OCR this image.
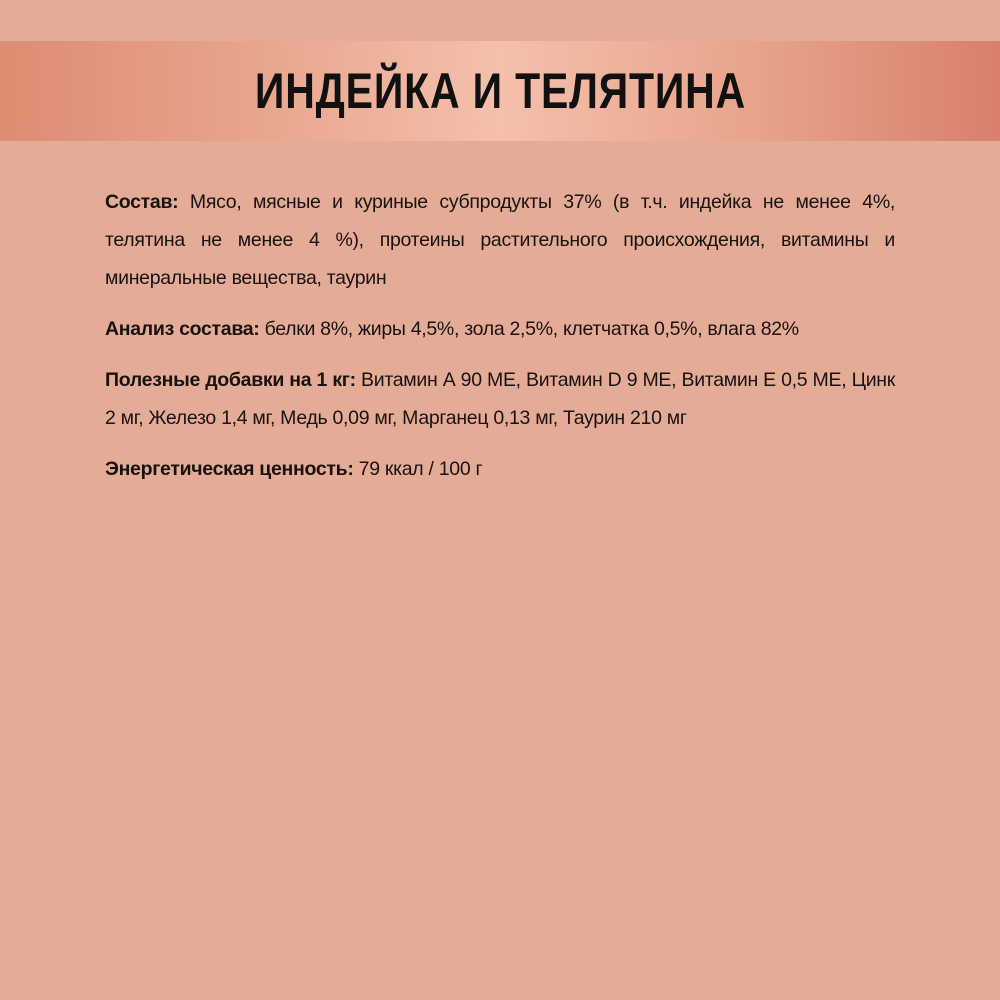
ИНДЕЙКА И ТЕЛЯТИНА

Состав: Мясо, мясные и куриные субпродукты 37% (в т.ч. индейка не менее 4%, телятина не менее 4 %), протеины растительного происхождения, витамины и минеральные вещества, таурин

Анализ состава: белки 8%, жиры 4,5%, зола 2,5%, клетчатка 0,5%, влага 82%

Полезные добавки на 1 кг: Витамин А 90 МЕ, Витамин D 9 МЕ, Витамин Е 0,5 МЕ, Цинк 2 мг, Железо 1,4 мг, Медь 0,09 мг, Марганец 0,13 мг, Таурин 210 мг

Энергетическая ценность: 79 ккал / 100 г
